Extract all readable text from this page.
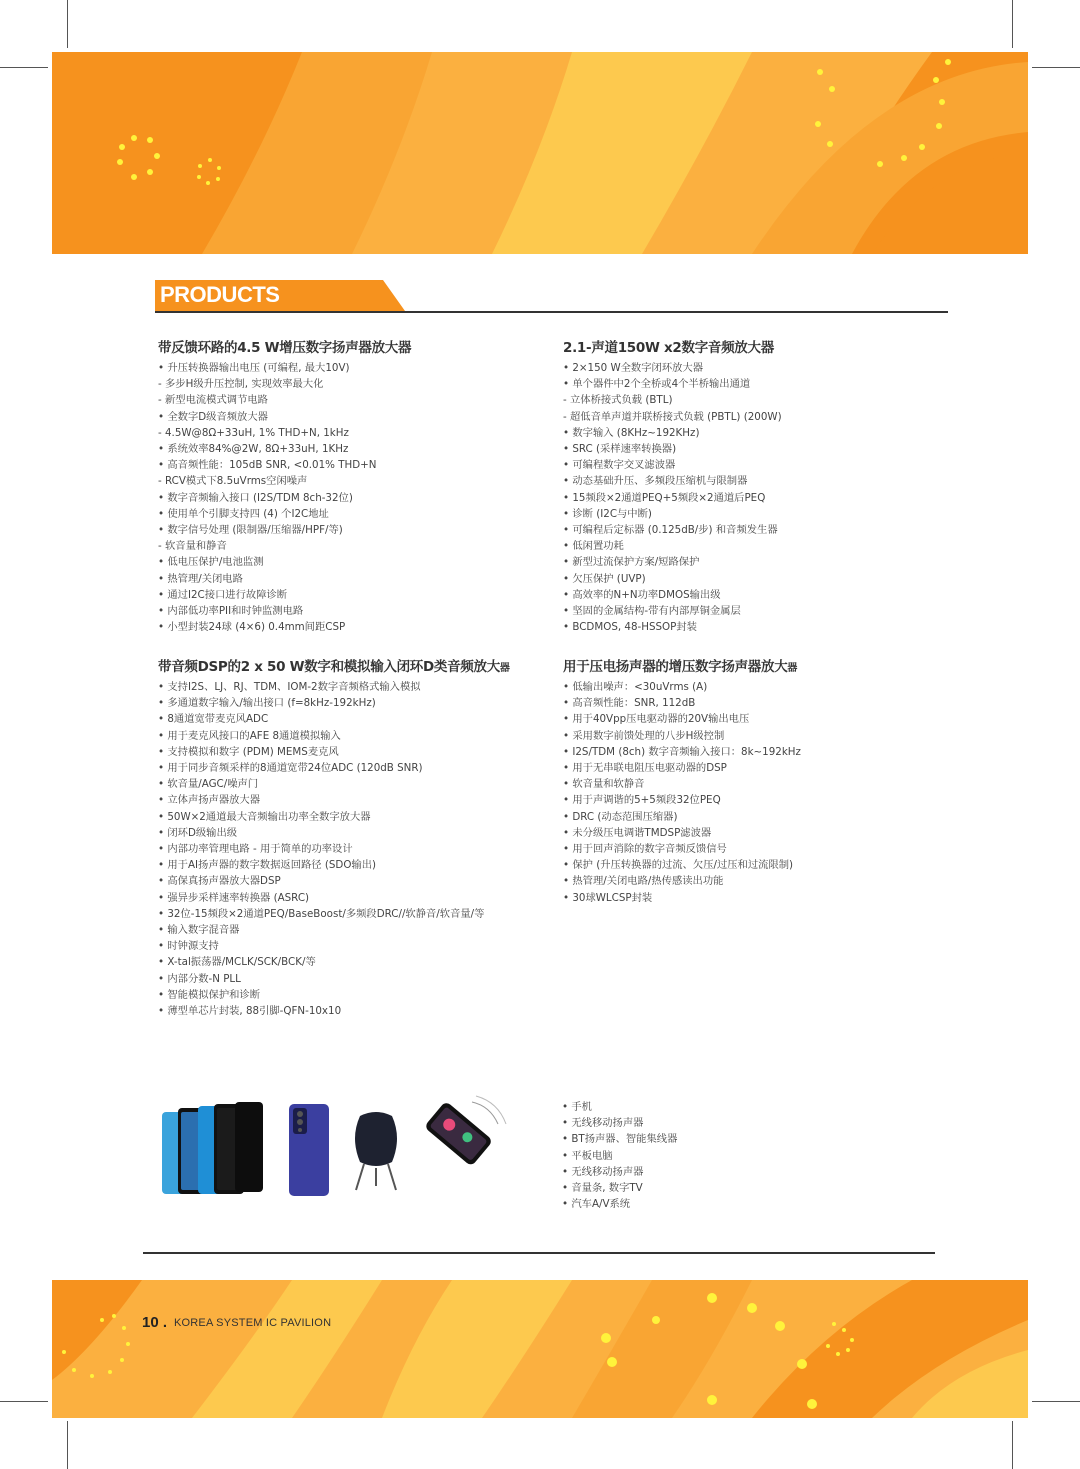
PRODUCTS
带反馈环路的4.5 W增压数字扬声器放大器
• 升压转换器输出电压 (可编程, 最大10V)
- 多步H级升压控制, 实现效率最大化
- 新型电流模式调节电路
• 全数字D级音频放大器
- 4.5W@8Ω+33uH, 1% THD+N, 1kHz
• 系统效率84%@2W, 8Ω+33uH, 1KHz
• 高音频性能：105dB SNR, <0.01% THD+N
- RCV模式下8.5uVrms空闲噪声
• 数字音频输入接口 (I2S/TDM 8ch-32位)
• 使用单个引脚支持四 (4) 个I2C地址
• 数字信号处理 (限制器/压缩器/HPF/等)
- 软音量和静音
• 低电压保护/电池监测
• 热管理/关闭电路
• 通过I2C接口进行故障诊断
• 内部低功率PII和时钟监测电路
• 小型封装24球 (4×6) 0.4mm间距CSP
2.1-声道150W x2数字音频放大器
• 2×150 W全数字闭环放大器
• 单个器件中2个全桥或4个半桥输出通道
- 立体桥接式负载 (BTL)
- 超低音单声道并联桥接式负载 (PBTL) (200W)
• 数字输入 (8KHz~192KHz)
• SRC (采样速率转换器)
• 可编程数字交叉滤波器
• 动态基础升压、多频段压缩机与限制器
• 15频段×2通道PEQ+5频段×2通道后PEQ
• 诊断 (I2C与中断)
• 可编程后定标器 (0.125dB/步) 和音频发生器
• 低闲置功耗
• 新型过流保护方案/短路保护
• 欠压保护 (UVP)
• 高效率的N+N功率DMOS输出级
• 坚固的金属结构-带有内部厚铜金属层
• BCDMOS, 48-HSSOP封装
带音频DSP的2 x 50 W数字和模拟输入闭环D类音频放大器
• 支持I2S、LJ、RJ、TDM、IOM-2数字音频格式输入模拟
• 多通道数字输入/输出接口 (f=8kHz-192kHz)
• 8通道宽带麦克风ADC
• 用于麦克风接口的AFE 8通道模拟输入
• 支持模拟和数字 (PDM) MEMS麦克风
• 用于同步音频采样的8通道宽带24位ADC (120dB SNR)
• 软音量/AGC/噪声门
• 立体声扬声器放大器
• 50W×2通道最大音频输出功率全数字放大器
• 闭环D级输出级
• 内部功率管理电路 - 用于简单的功率设计
• 用于AI扬声器的数字数据返回路径 (SDO输出)
• 高保真扬声器放大器DSP
• 强异步采样速率转换器 (ASRC)
• 32位-15频段×2通道PEQ/BaseBoost/多频段DRC//软静音/软音量/等
• 输入数字混音器
• 时钟源支持
• X-tal振荡器/MCLK/SCK/BCK/等
• 内部分数-N PLL
• 智能模拟保护和诊断
• 薄型单芯片封装, 88引脚-QFN-10x10
用于压电扬声器的增压数字扬声器放大器
• 低输出噪声：<30uVrms (A)
• 高音频性能：SNR, 112dB
• 用于40Vpp压电驱动器的20V输出电压
• 采用数字前馈处理的八步H级控制
• I2S/TDM (8ch) 数字音频输入接口：8k~192kHz
• 用于无串联电阻压电驱动器的DSP
• 软音量和软静音
• 用于声调谐的5+5频段32位PEQ
• DRC (动态范围压缩器)
• 未分级压电调谐TMDSP滤波器
• 用于回声消除的数字音频反馈信号
• 保护 (升压转换器的过流、欠压/过压和过流限制)
• 热管理/关闭电路/热传感读出功能
• 30球WLCSP封装
• 手机
• 无线移动扬声器
• BT扬声器、智能集线器
• 平板电脑
• 无线移动扬声器
• 音量条, 数字TV
• 汽车A/V系统
10 . KOREA SYSTEM IC PAVILION
